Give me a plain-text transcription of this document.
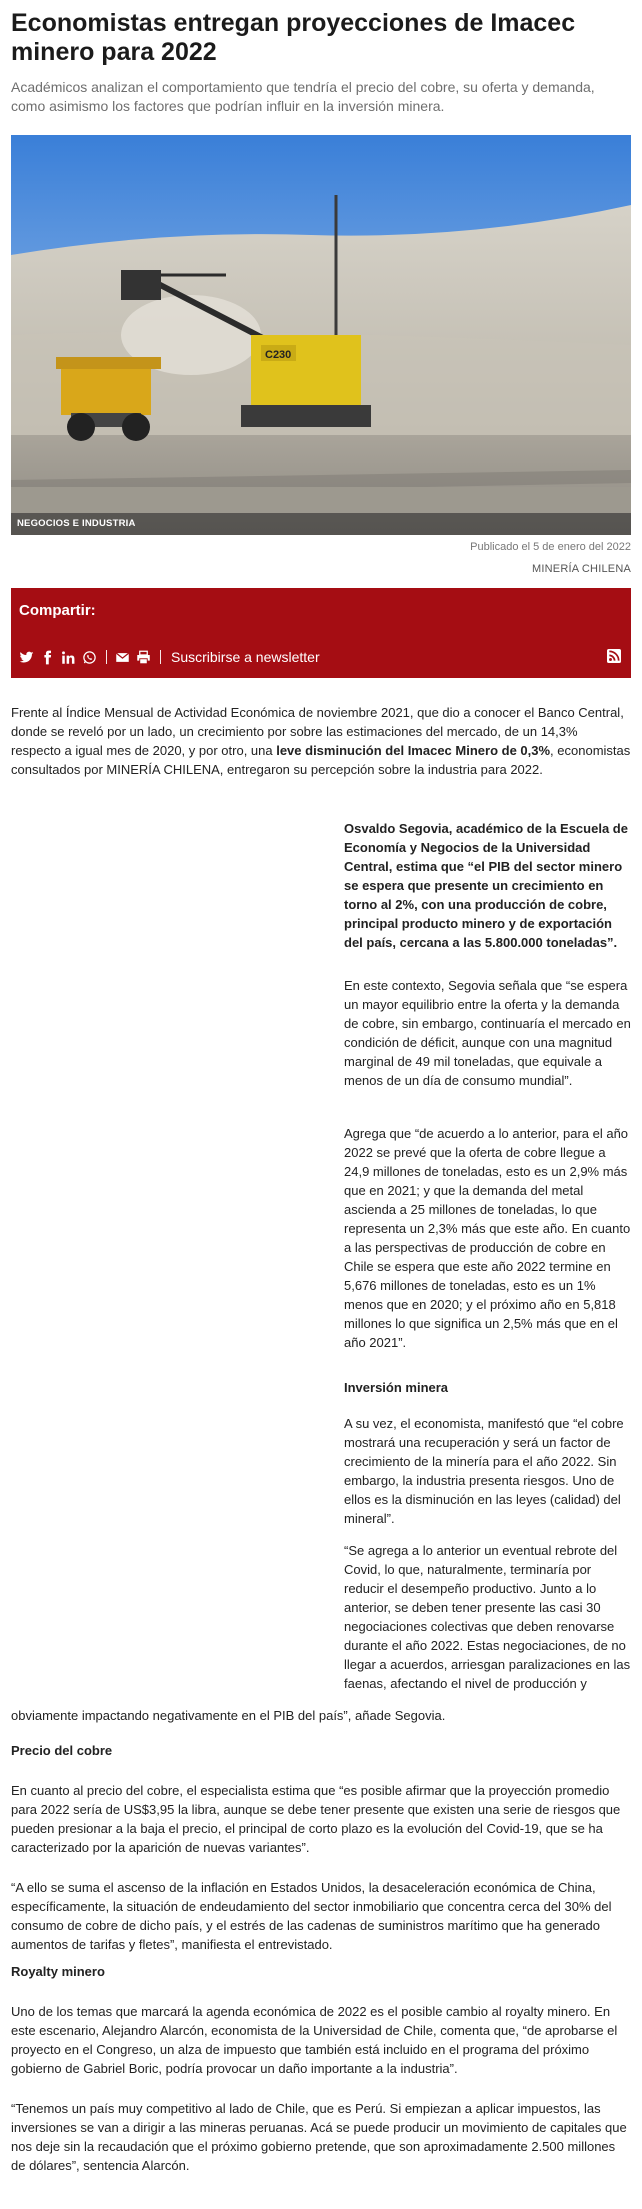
Economistas entregan proyecciones de Imacec minero para 2022
Académicos analizan el comportamiento que tendría el precio del cobre, su oferta y demanda, como asimismo los factores que podrían influir en la inversión minera.
C230
NEGOCIOS E INDUSTRIA
Publicado el 5 de enero del 2022
MINERÍA CHILENA
Compartir:
Suscribirse a newsletter

Frente al Índice Mensual de Actividad Económica de noviembre 2021, que dio a conocer el Banco Central, donde se reveló por un lado, un crecimiento por sobre las estimaciones del mercado, de un 14,3% respecto a igual mes de 2020, y por otro, una leve disminución del Imacec Minero de 0,3%, economistas consultados por MINERÍA CHILENA, entregaron su percepción sobre la industria para 2022.

Osvaldo Segovia, académico de la Escuela de Economía y Negocios de la Universidad Central, estima que “el PIB del sector minero se espera que presente un crecimiento en torno al 2%, con una producción de cobre, principal producto minero y de exportación del país, cercana a las 5.800.000 toneladas”.

En este contexto, Segovia señala que “se espera un mayor equilibrio entre la oferta y la demanda de cobre, sin embargo, continuaría el mercado en condición de déficit, aunque con una magnitud marginal de 49 mil toneladas, que equivale a menos de un día de consumo mundial”.

Agrega que “de acuerdo a lo anterior, para el año 2022 se prevé que la oferta de cobre llegue a 24,9 millones de toneladas, esto es un 2,9% más que en 2021; y que la demanda del metal ascienda a 25 millones de toneladas, lo que representa un 2,3% más que este año. En cuanto a las perspectivas de producción de cobre en Chile se espera que este año 2022 termine en 5,676 millones de toneladas, esto es un 1% menos que en 2020; y el próximo año en 5,818 millones lo que significa un 2,5% más que en el año 2021”.

Inversión minera

A su vez, el economista, manifestó que “el cobre mostrará una recuperación y será un factor de crecimiento de la minería para el año 2022. Sin embargo, la industria presenta riesgos. Uno de ellos es la disminución en las leyes (calidad) del mineral”.

“Se agrega a lo anterior un eventual rebrote del Covid, lo que, naturalmente, terminaría por reducir el desempeño productivo. Junto a lo anterior, se deben tener presente las casi 30 negociaciones colectivas que deben renovarse durante el año 2022. Estas negociaciones, de no llegar a acuerdos, arriesgan paralizaciones en las faenas, afectando el nivel de producción y

obviamente impactando negativamente en el PIB del país”, añade Segovia.

Precio del cobre

En cuanto al precio del cobre, el especialista estima que “es posible afirmar que la proyección promedio para 2022 sería de US$3,95 la libra, aunque se debe tener presente que existen una serie de riesgos que pueden presionar a la baja el precio, el principal de corto plazo es la evolución del Covid-19, que se ha caracterizado por la aparición de nuevas variantes”.

“A ello se suma el ascenso de la inflación en Estados Unidos, la desaceleración económica de China, específicamente, la situación de endeudamiento del sector inmobiliario que concentra cerca del 30% del consumo de cobre de dicho país, y el estrés de las cadenas de suministros marítimo que ha generado aumentos de tarifas y fletes”, manifiesta el entrevistado.

Royalty minero

Uno de los temas que marcará la agenda económica de 2022 es el posible cambio al royalty minero. En este escenario, Alejandro Alarcón, economista de la Universidad de Chile, comenta que, “de aprobarse el proyecto en el Congreso, un alza de impuesto que también está incluido en el programa del próximo gobierno de Gabriel Boric, podría provocar un daño importante a la industria”.

“Tenemos un país muy competitivo al lado de Chile, que es Perú. Si empiezan a aplicar impuestos, las inversiones se van a dirigir a las mineras peruanas. Acá se puede producir un movimiento de capitales que nos deje sin la recaudación que el próximo gobierno pretende, que son aproximadamente 2.500 millones de dólares”, sentencia Alarcón.
